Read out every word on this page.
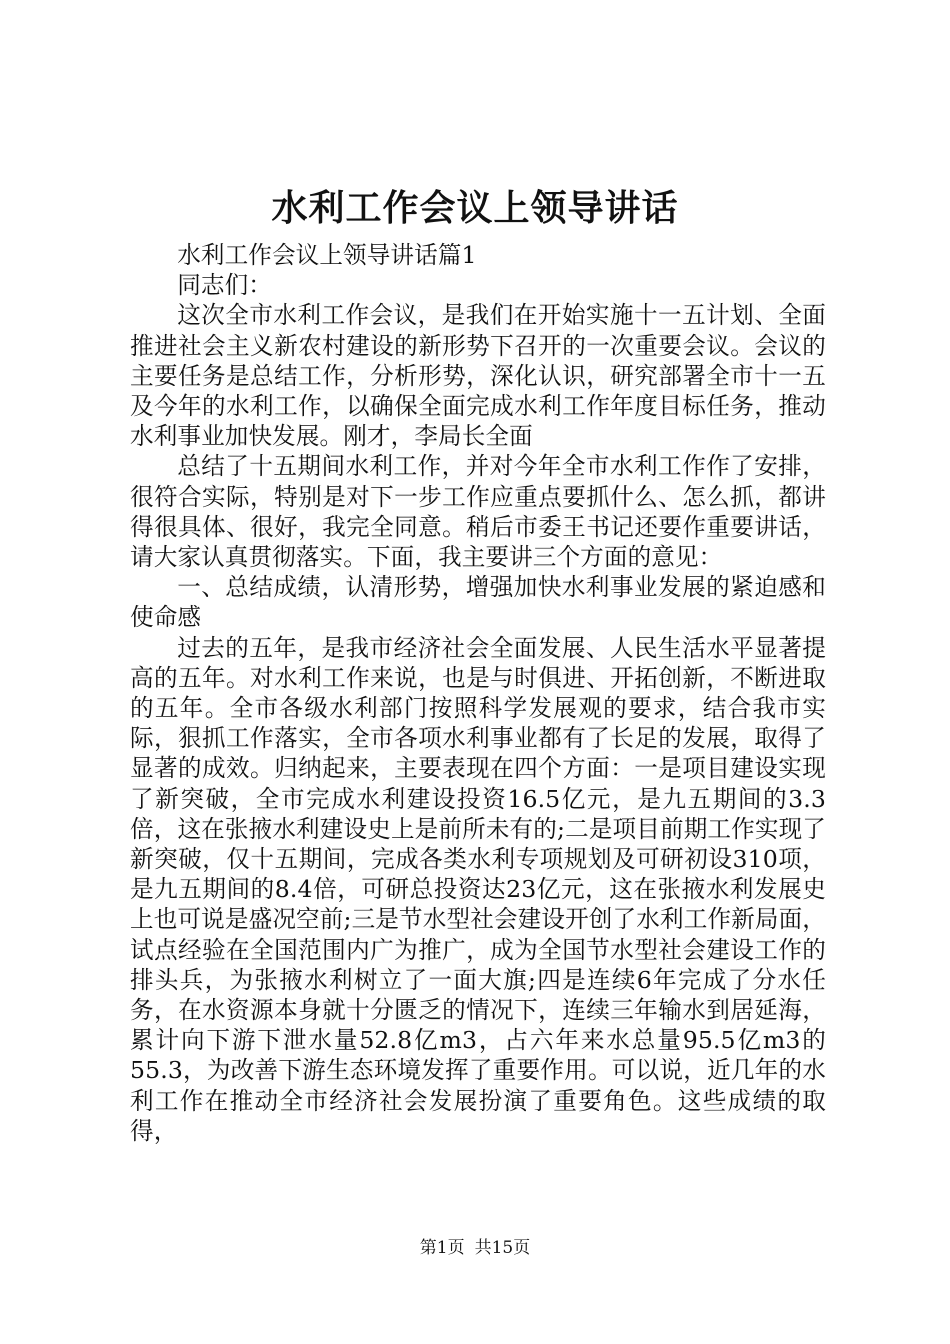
水利工作会议上领导讲话

水利工作会议上领导讲话篇1

同志们：

这次全市水利工作会议，是我们在开始实施十一五计划、全面推进社会主义新农村建设的新形势下召开的一次重要会议。会议的主要任务是总结工作，分析形势，深化认识，研究部署全市十一五及今年的水利工作，以确保全面完成水利工作年度目标任务，推动水利事业加快发展。刚才，李局长全面

总结了十五期间水利工作，并对今年全市水利工作作了安排，很符合实际，特别是对下一步工作应重点要抓什么、怎么抓，都讲得很具体、很好，我完全同意。稍后市委王书记还要作重要讲话，请大家认真贯彻落实。下面，我主要讲三个方面的意见：

一、总结成绩，认清形势，增强加快水利事业发展的紧迫感和使命感

过去的五年，是我市经济社会全面发展、人民生活水平显著提高的五年。对水利工作来说，也是与时俱进、开拓创新，不断进取的五年。全市各级水利部门按照科学发展观的要求，结合我市实际，狠抓工作落实，全市各项水利事业都有了长足的发展，取得了显著的成效。归纳起来，主要表现在四个方面：一是项目建设实现了新突破，全市完成水利建设投资16.5亿元，是九五期间的3.3倍，这在张掖水利建设史上是前所未有的;二是项目前期工作实现了新突破，仅十五期间，完成各类水利专项规划及可研初设310项，是九五期间的8.4倍，可研总投资达23亿元，这在张掖水利发展史上也可说是盛况空前;三是节水型社会建设开创了水利工作新局面，试点经验在全国范围内广为推广，成为全国节水型社会建设工作的排头兵，为张掖水利树立了一面大旗;四是连续6年完成了分水任务，在水资源本身就十分匮乏的情况下，连续三年输水到居延海，累计向下游下泄水量52.8亿m3，占六年来水总量95.5亿m3的55.3，为改善下游生态环境发挥了重要作用。可以说，近几年的水利工作在推动全市经济社会发展扮演了重要角色。这些成绩的取得，

第1页 共15页
